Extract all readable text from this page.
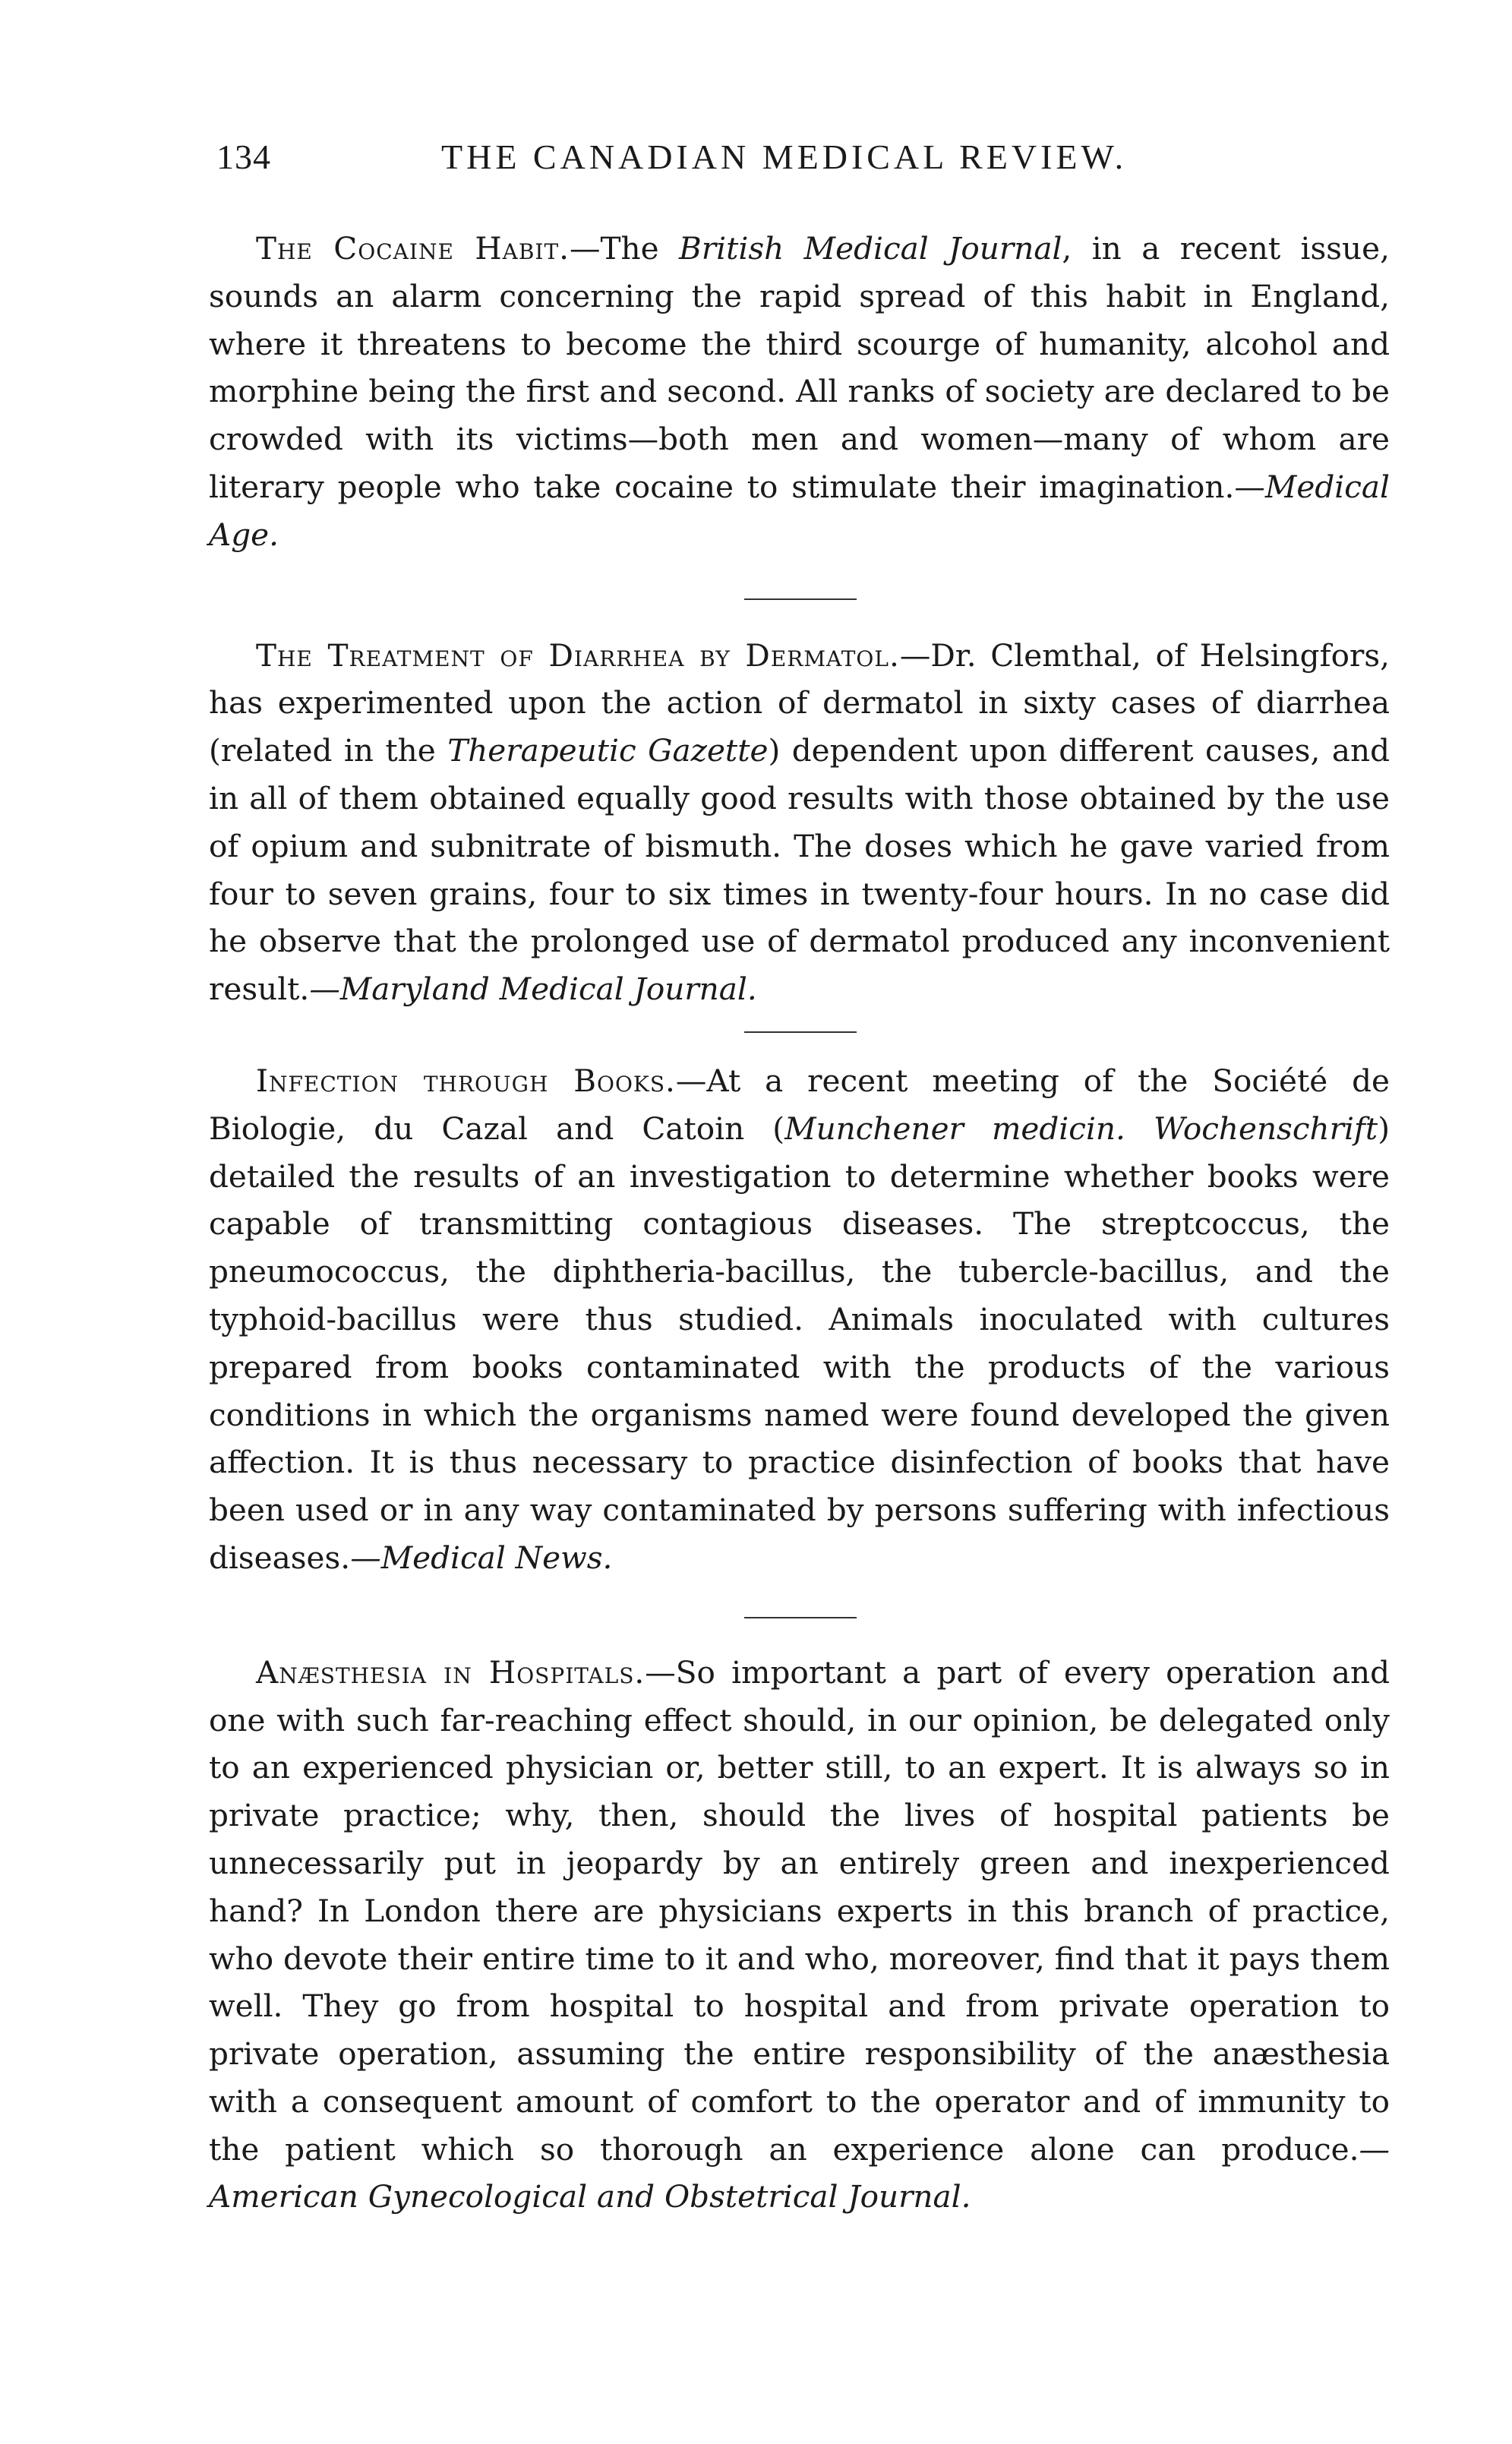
134	THE CANADIAN MEDICAL REVIEW.

The Cocaine Habit.—The British Medical Journal, in a recent issue, sounds an alarm concerning the rapid spread of this habit in England, where it threatens to become the third scourge of humanity, alcohol and morphine being the first and second. All ranks of society are declared to be crowded with its victims—both men and women—many of whom are literary people who take cocaine to stimulate their imagination.—Medical Age.

The Treatment of Diarrhea by Dermatol.—Dr. Clemthal, of Helsingfors, has experimented upon the action of dermatol in sixty cases of diarrhea (related in the Therapeutic Gazette) dependent upon different causes, and in all of them obtained equally good results with those obtained by the use of opium and subnitrate of bismuth. The doses which he gave varied from four to seven grains, four to six times in twenty-four hours. In no case did he observe that the prolonged use of dermatol produced any inconvenient result.—Maryland Medical Journal.

Infection through Books.—At a recent meeting of the Société de Biologie, du Cazal and Catoin (Munchener medicin. Wochenschrift) detailed the results of an investigation to determine whether books were capable of transmitting contagious diseases. The streptcoccus, the pneumococcus, the diphtheria-bacillus, the tubercle-bacillus, and the typhoid-bacillus were thus studied. Animals inoculated with cultures prepared from books contaminated with the products of the various conditions in which the organisms named were found developed the given affection. It is thus necessary to practice disinfection of books that have been used or in any way contaminated by persons suffering with infectious diseases.—Medical News.

Anæsthesia in Hospitals.—So important a part of every operation and one with such far-reaching effect should, in our opinion, be delegated only to an experienced physician or, better still, to an expert. It is always so in private practice; why, then, should the lives of hospital patients be unnecessarily put in jeopardy by an entirely green and inexperienced hand? In London there are physicians experts in this branch of practice, who devote their entire time to it and who, moreover, find that it pays them well. They go from hospital to hospital and from private operation to private operation, assuming the entire responsibility of the anæsthesia with a consequent amount of comfort to the operator and of immunity to the patient which so thorough an experience alone can produce.—American Gynecological and Obstetrical Journal.
